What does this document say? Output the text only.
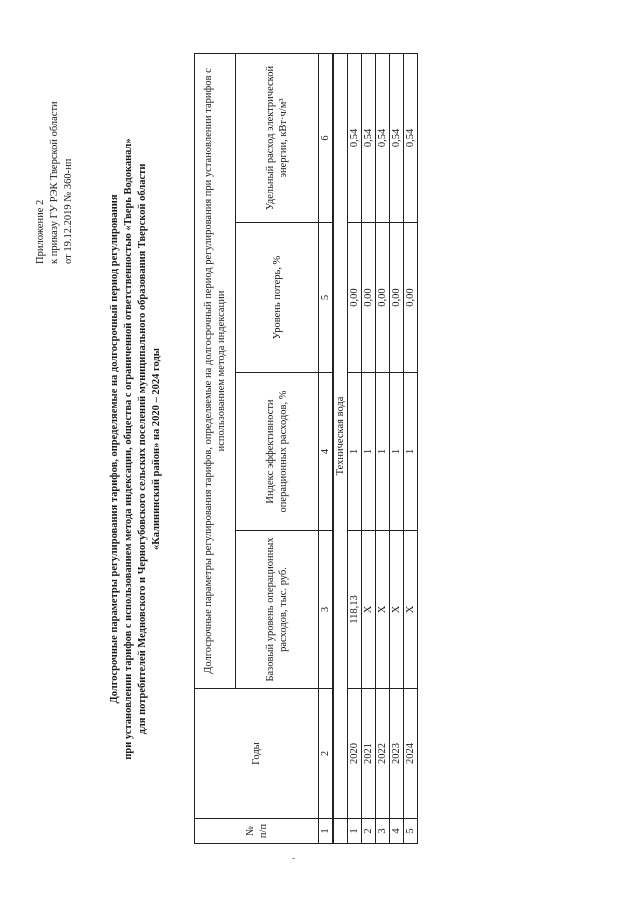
Приложение 2 к приказу ГУ РЭК Тверской области от 19.12.2019 № 360-нп	Долгосрочные параметры регулирования тарифов, определяемые на долгосрочный период регулирования при установлении тарифов с использованием метода индексации, общества с ограниченной ответственностью «Тверь Водоканал» для потребителей Медновского и Черногубовского сельских поселений муниципального образования Тверской области «Калининский район» на 2020 – 2024 годы
№ п/п	Годы	Долгосрочные параметры регулирования тарифов, определяемые на долгосрочный период регулирования при установлении тарифов с использованием метода индексации			
		Базовый уровень операционных расходов, тыс. руб.	Индекс эффективности операционных расходов, %	Уровень потерь, %	Удельный расход электрической энергии, кВт·ч/м³
1	2	3	4	5	6
	Техническая вода				
1	2020	118,13	1	0,00	0,54
2	2021	Х	1	0,00	0,54
3	2022	Х	1	0,00	0,54
4	2023	Х	1	0,00	0,54
5	2024	Х	1	0,00	0,54
